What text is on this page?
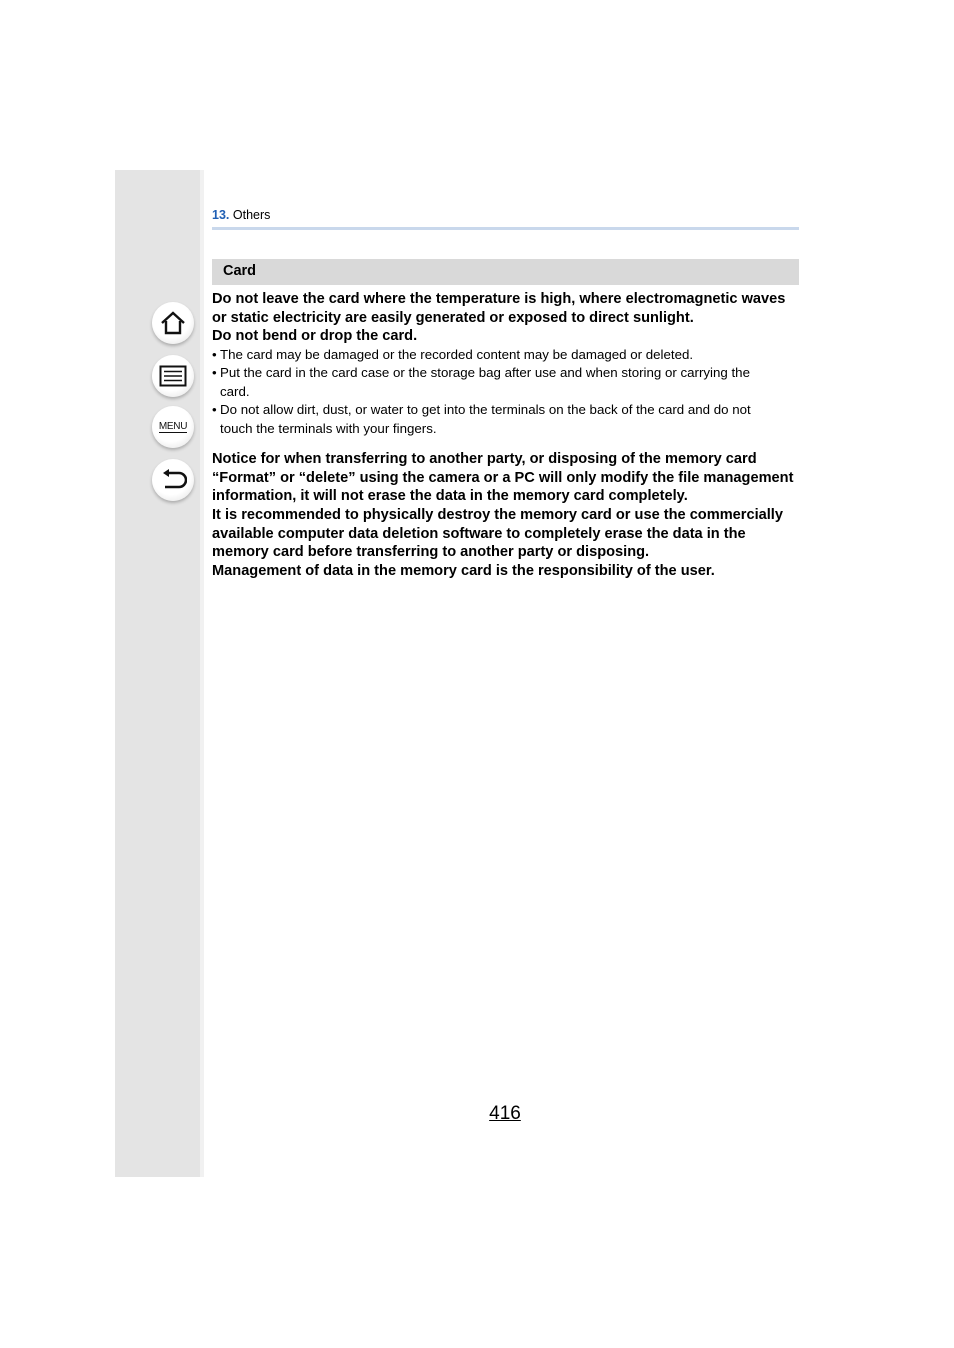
MENU
13. Others
Card

Do not leave the card where the temperature is high, where electromagnetic waves

or static electricity are easily generated or exposed to direct sunlight.

Do not bend or drop the card.

• The card may be damaged or the recorded content may be damaged or deleted.
• Put the card in the card case or the storage bag after use and when storing or carrying the card.
• Do not allow dirt, dust, or water to get into the terminals on the back of the card and do not touch the terminals with your fingers.

Notice for when transferring to another party, or disposing of the memory card

“Format” or “delete” using the camera or a PC will only modify the file management

information, it will not erase the data in the memory card completely.

It is recommended to physically destroy the memory card or use the commercially

available computer data deletion software to completely erase the data in the

memory card before transferring to another party or disposing.

Management of data in the memory card is the responsibility of the user.

416
